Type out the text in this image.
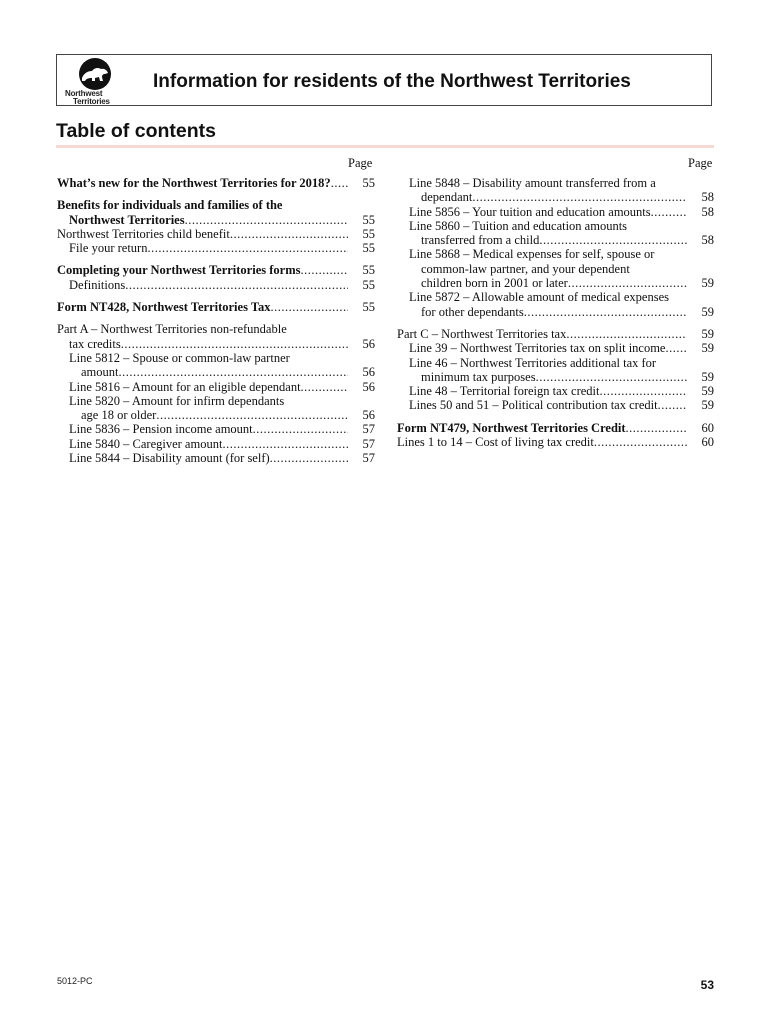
Northwest
Territories
Information for residents of the Northwest Territories
Table of contents
Page	Page
What’s new for the Northwest Territories for 2018? .....	55
Benefits for individuals and families of the
Northwest Territories .....	55
Northwest Territories child benefit .....	55
File your return .....	55
Completing your Northwest Territories forms .....	55
Definitions .....	55
Form NT428, Northwest Territories Tax .....	55
Part A – Northwest Territories non-refundable
tax credits .....	56
Line 5812 – Spouse or common-law partner
amount .....	56
Line 5816 – Amount for an eligible dependant .....	56
Line 5820 – Amount for infirm dependants
age 18 or older .....	56
Line 5836 – Pension income amount .....	57
Line 5840 – Caregiver amount .....	57
Line 5844 – Disability amount (for self) .....	57
Line 5848 – Disability amount transferred from a
dependant .....	58
Line 5856 – Your tuition and education amounts .....	58
Line 5860 – Tuition and education amounts
transferred from a child .....	58
Line 5868 – Medical expenses for self, spouse or
common-law partner, and your dependent
children born in 2001 or later .....	59
Line 5872 – Allowable amount of medical expenses
for other dependants .....	59
Part C – Northwest Territories tax .....	59
Line 39 – Northwest Territories tax on split income .....	59
Line 46 – Northwest Territories additional tax for
minimum tax purposes .....	59
Line 48 – Territorial foreign tax credit .....	59
Lines 50 and 51 – Political contribution tax credit .....	59
Form NT479, Northwest Territories Credit .....	60
Lines 1 to 14 – Cost of living tax credit .....	60
5012-PC	53
